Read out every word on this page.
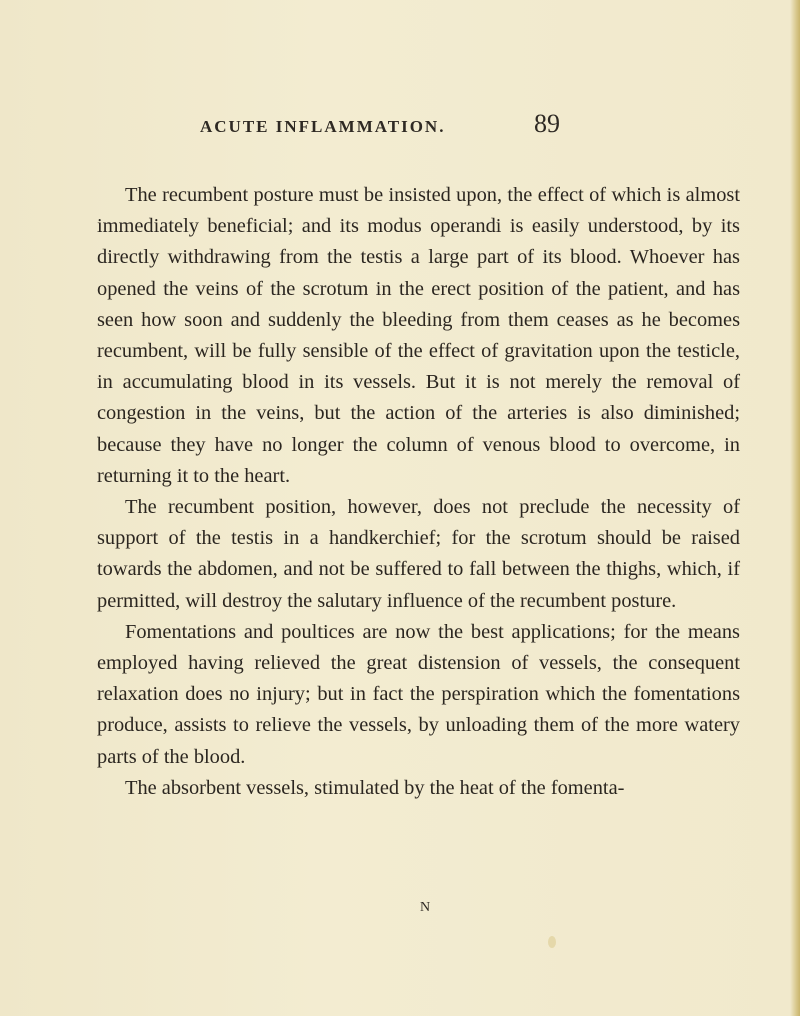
ACUTE INFLAMMATION.	89

The recumbent posture must be insisted upon, the effect of which is almost immediately beneficial; and its modus operandi is easily understood, by its directly withdrawing from the testis a large part of its blood. Whoever has opened the veins of the scrotum in the erect position of the patient, and has seen how soon and suddenly the bleeding from them ceases as he becomes recumbent, will be fully sensible of the effect of gravitation upon the testicle, in accumulating blood in its vessels. But it is not merely the removal of congestion in the veins, but the action of the arteries is also diminished; because they have no longer the column of venous blood to overcome, in returning it to the heart.

The recumbent position, however, does not preclude the necessity of support of the testis in a handkerchief; for the scrotum should be raised towards the abdomen, and not be suffered to fall between the thighs, which, if permitted, will destroy the salutary influence of the recumbent posture.

Fomentations and poultices are now the best applications; for the means employed having relieved the great distension of vessels, the consequent relaxation does no injury; but in fact the perspiration which the fomentations produce, assists to relieve the vessels, by unloading them of the more watery parts of the blood.

The absorbent vessels, stimulated by the heat of the fomenta-

N
